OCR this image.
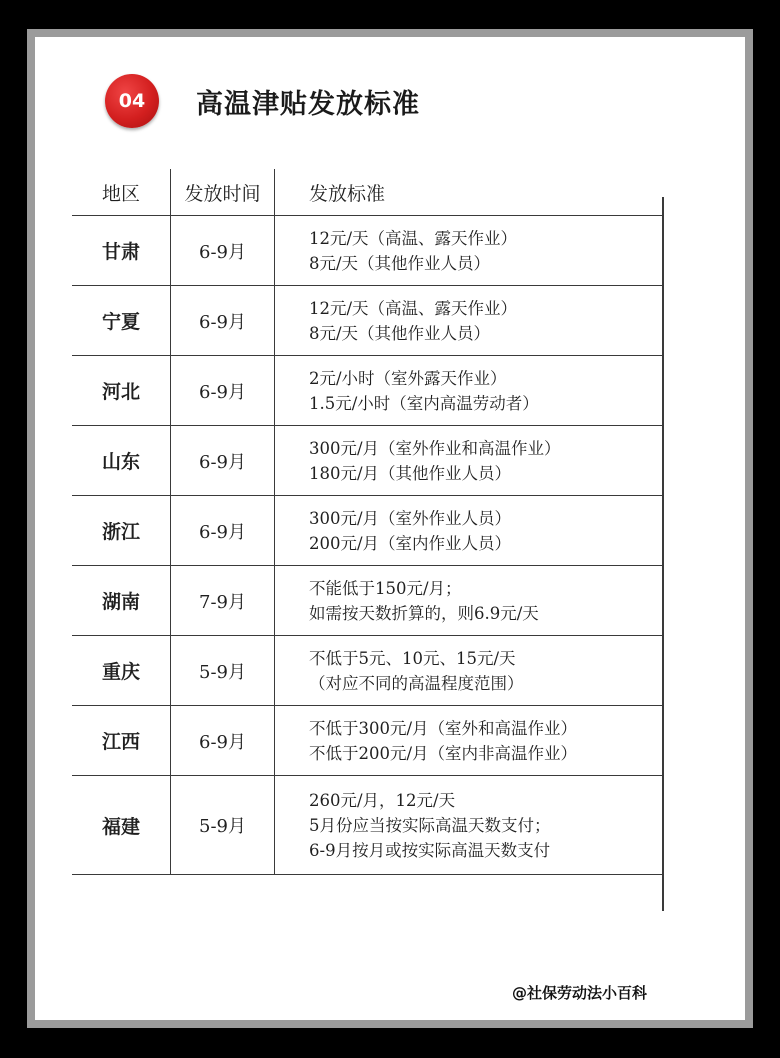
04	高温津贴发放标准
地区	发放时间	发放标准
甘肃	6-9月	12元/天（高温、露天作业）
8元/天（其他作业人员）

宁夏	6-9月	12元/天（高温、露天作业）
8元/天（其他作业人员）

河北	6-9月	2元/小时（室外露天作业）
1.5元/小时（室内高温劳动者）

山东	6-9月	300元/月（室外作业和高温作业）
180元/月（其他作业人员）

浙江	6-9月	300元/月（室外作业人员）
200元/月（室内作业人员）

湖南	7-9月	不能低于150元/月；
如需按天数折算的，则6.9元/天

重庆	5-9月	不低于5元、10元、15元/天
（对应不同的高温程度范围）

江西	6-9月	不低于300元/月（室外和高温作业）
不低于200元/月（室内非高温作业）

福建	5-9月	260元/月，12元/天
5月份应当按实际高温天数支付；
6-9月按月或按实际高温天数支付
@社保劳动法小百科
